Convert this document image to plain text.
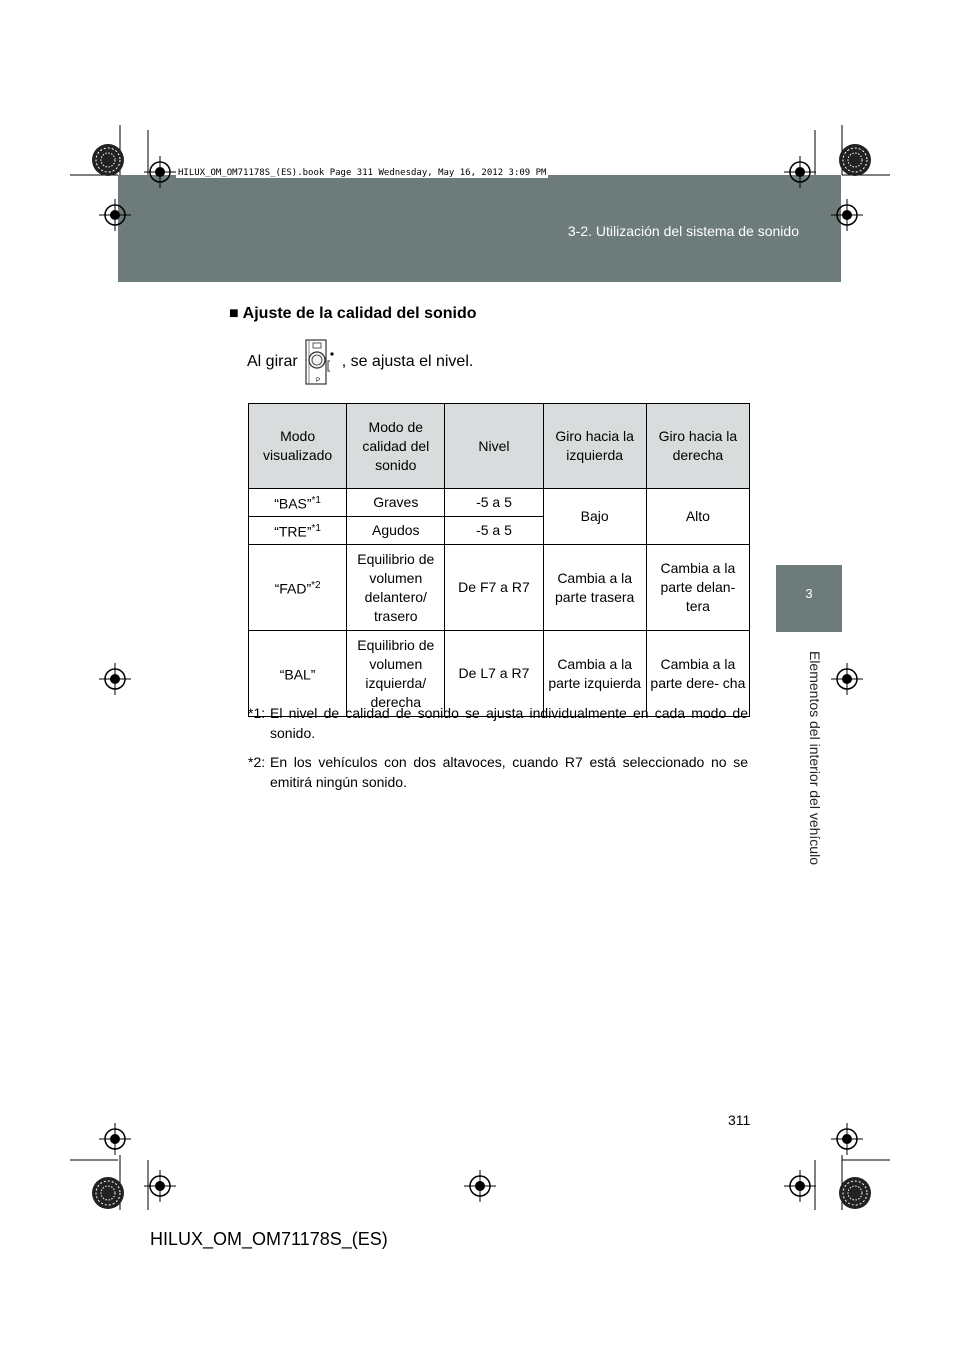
3-2. Utilización del sistema de sonido
HILUX_OM_OM71178S_(ES).book Page 311 Wednesday, May 16, 2012 3:09 PM
3
Elementos del interior del vehículo
■ Ajuste de la calidad del sonido
Al girar
P
, se ajusta el nivel.
Modo visualizado	Modo de calidad del sonido	Nivel	Giro hacia la izquierda	Giro hacia la derecha
“BAS”$^{*1}$	Graves	-5 a 5	Bajo	Alto
“TRE”$^{*1}$	Agudos	-5 a 5		
“FAD”$^{*2}$	Equilibrio de volumen delantero/ trasero	De F7 a R7	Cambia a la parte trasera	Cambia a la parte delan- tera
“BAL”	Equilibrio de volumen izquierda/ derecha	De L7 a R7	Cambia a la parte izquierda	Cambia a la parte dere- cha
*1: El nivel de calidad de sonido se ajusta individualmente en cada modo de sonido.
*2: En los vehículos con dos altavoces, cuando R7 está seleccionado no se emitirá ningún sonido.
311
HILUX_OM_OM71178S_(ES)
